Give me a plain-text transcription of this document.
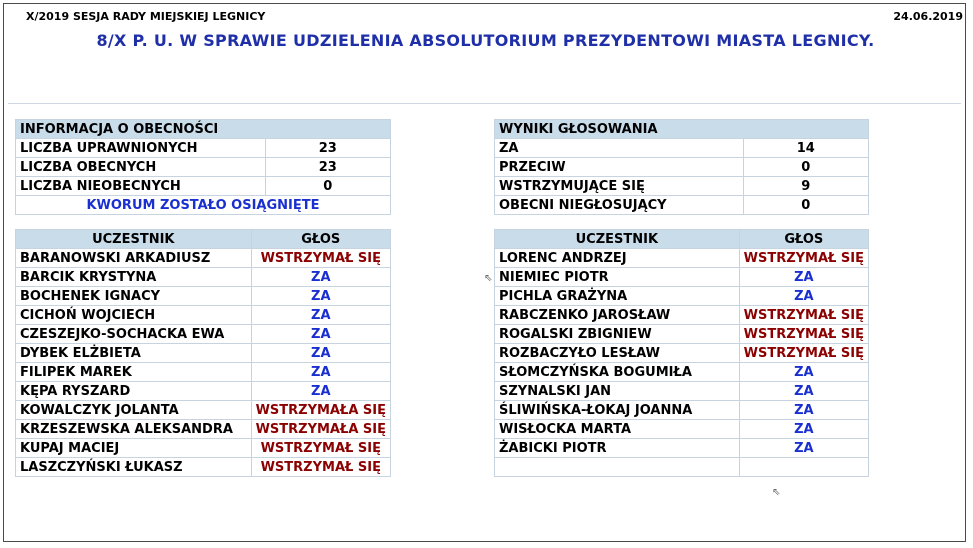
X/2019 SESJA RADY MIEJSKIEJ LEGNICY	24.06.2019
8/X P. U. W SPRAWIE UDZIELENIA ABSOLUTORIUM PREZYDENTOWI MIASTA LEGNICY.
INFORMACJA O OBECNOŚCI	
LICZBA UPRAWNIONYCH	23
LICZBA OBECNYCH	23
LICZBA NIEOBECNYCH	0
KWORUM ZOSTAŁO OSIĄGNIĘTE	
WYNIKI GŁOSOWANIA	
ZA	14
PRZECIW	0
WSTRZYMUJĄCE SIĘ	9
OBECNI NIEGŁOSUJĄCY	0
UCZESTNIK	GŁOS
BARANOWSKI ARKADIUSZ	WSTRZYMAŁ SIĘ
BARCIK KRYSTYNA	ZA
BOCHENEK IGNACY	ZA
CICHOŃ WOJCIECH	ZA
CZESZEJKO-SOCHACKA EWA	ZA
DYBEK ELŻBIETA	ZA
FILIPEK MAREK	ZA
KĘPA RYSZARD	ZA
KOWALCZYK JOLANTA	WSTRZYMAŁA SIĘ
KRZESZEWSKA ALEKSANDRA	WSTRZYMAŁA SIĘ
KUPAJ MACIEJ	WSTRZYMAŁ SIĘ
LASZCZYŃSKI ŁUKASZ	WSTRZYMAŁ SIĘ
UCZESTNIK	GŁOS
LORENC ANDRZEJ	WSTRZYMAŁ SIĘ
NIEMIEC PIOTR	ZA
PICHLA GRAŻYNA	ZA
RABCZENKO JAROSŁAW	WSTRZYMAŁ SIĘ
ROGALSKI ZBIGNIEW	WSTRZYMAŁ SIĘ
ROZBACZYŁO LESŁAW	WSTRZYMAŁ SIĘ
SŁOMCZYŃSKA BOGUMIŁA	ZA
SZYNALSKI JAN	ZA
ŚLIWIŃSKA-ŁOKAJ JOANNA	ZA
WISŁOCKA MARTA	ZA
ŻABICKI PIOTR	ZA

⇖
⇖
